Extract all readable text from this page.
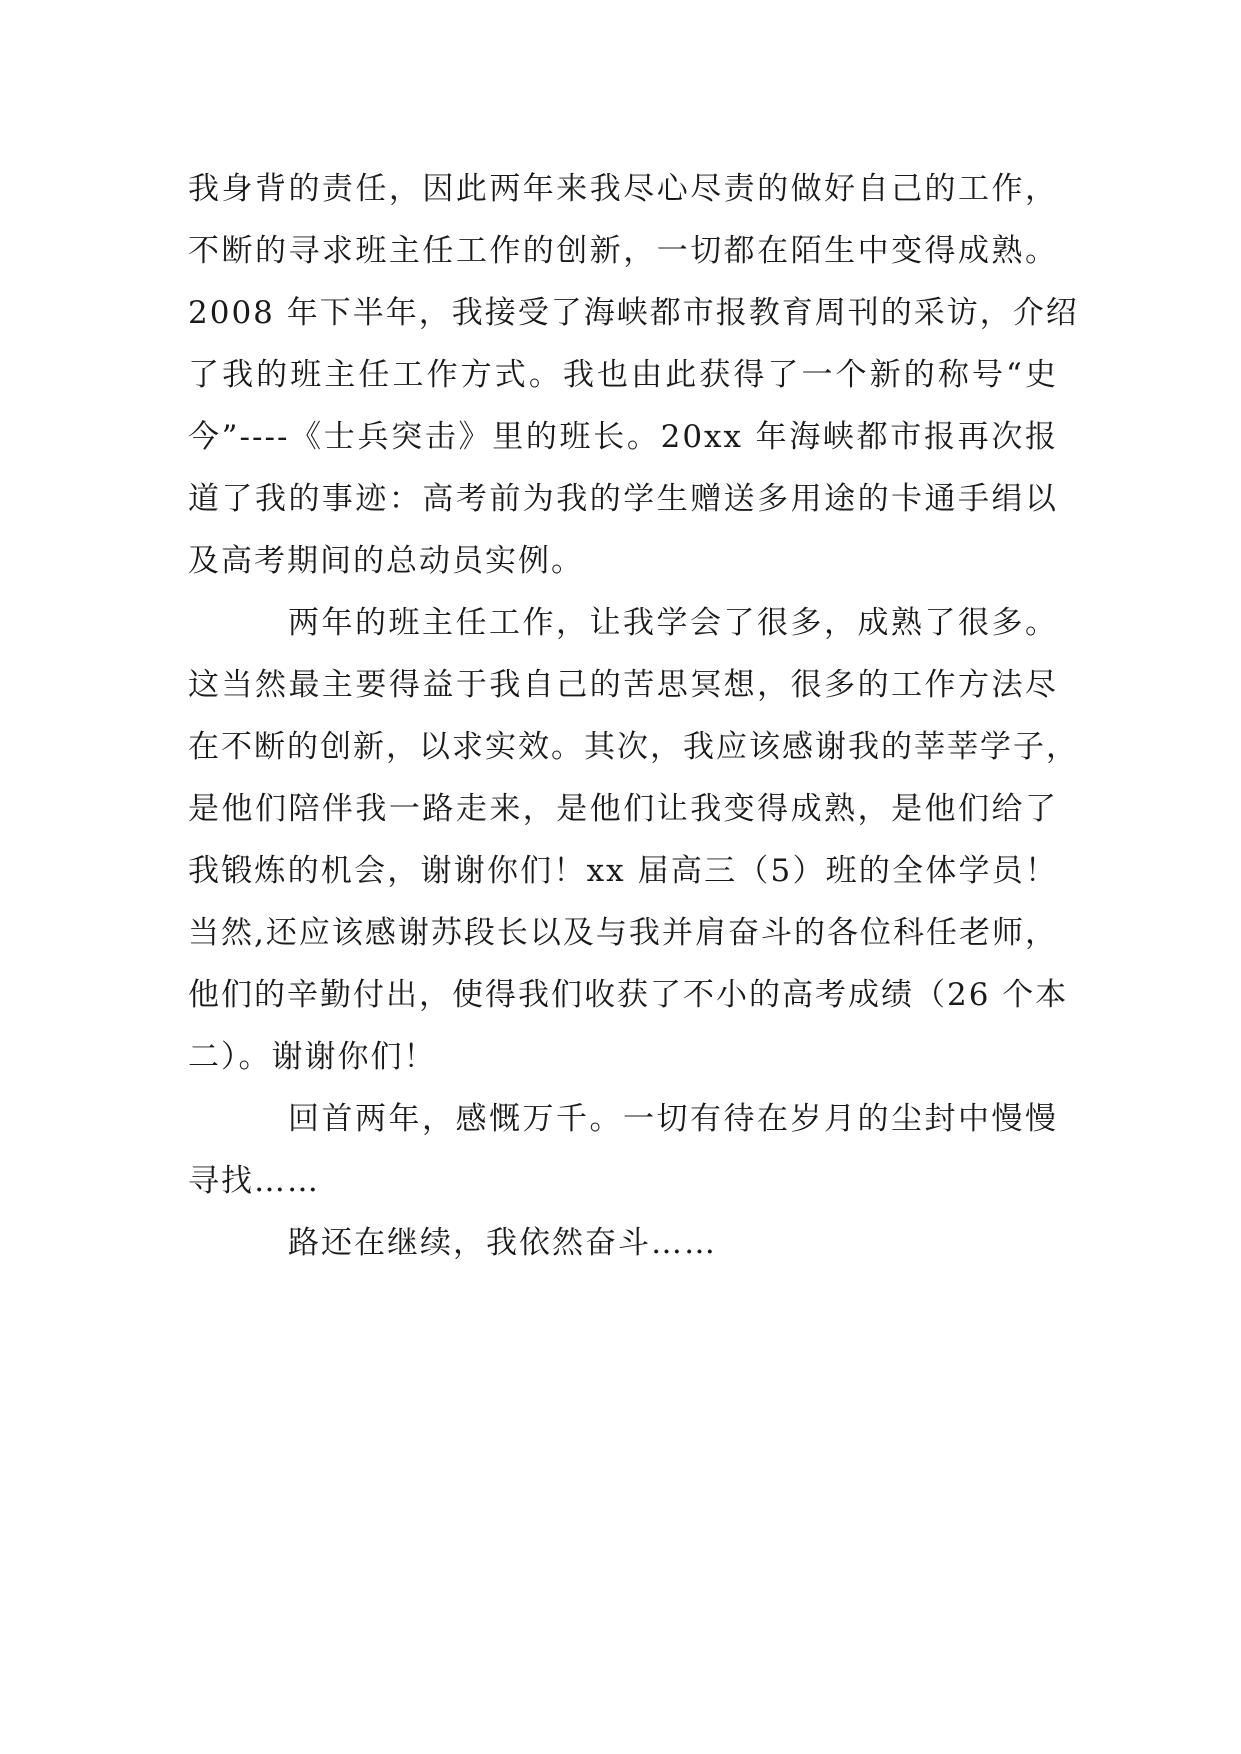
我身背的责任，因此两年来我尽心尽责的做好自己的工作，
不断的寻求班主任工作的创新，一切都在陌生中变得成熟。
2008 年下半年，我接受了海峡都市报教育周刊的采访，介绍
了我的班主任工作方式。我也由此获得了一个新的称号“史
今”----《士兵突击》里的班长。20xx 年海峡都市报再次报
道了我的事迹：高考前为我的学生赠送多用途的卡通手绢以
及高考期间的总动员实例。
两年的班主任工作，让我学会了很多，成熟了很多。
这当然最主要得益于我自己的苦思冥想，很多的工作方法尽
在不断的创新，以求实效。其次，我应该感谢我的莘莘学子，
是他们陪伴我一路走来，是他们让我变得成熟，是他们给了
我锻炼的机会，谢谢你们！xx 届高三（5）班的全体学员！
当然,还应该感谢苏段长以及与我并肩奋斗的各位科任老师，
他们的辛勤付出，使得我们收获了不小的高考成绩（26 个本
二）。谢谢你们！
回首两年，感慨万千。一切有待在岁月的尘封中慢慢
寻找……
路还在继续，我依然奋斗……
